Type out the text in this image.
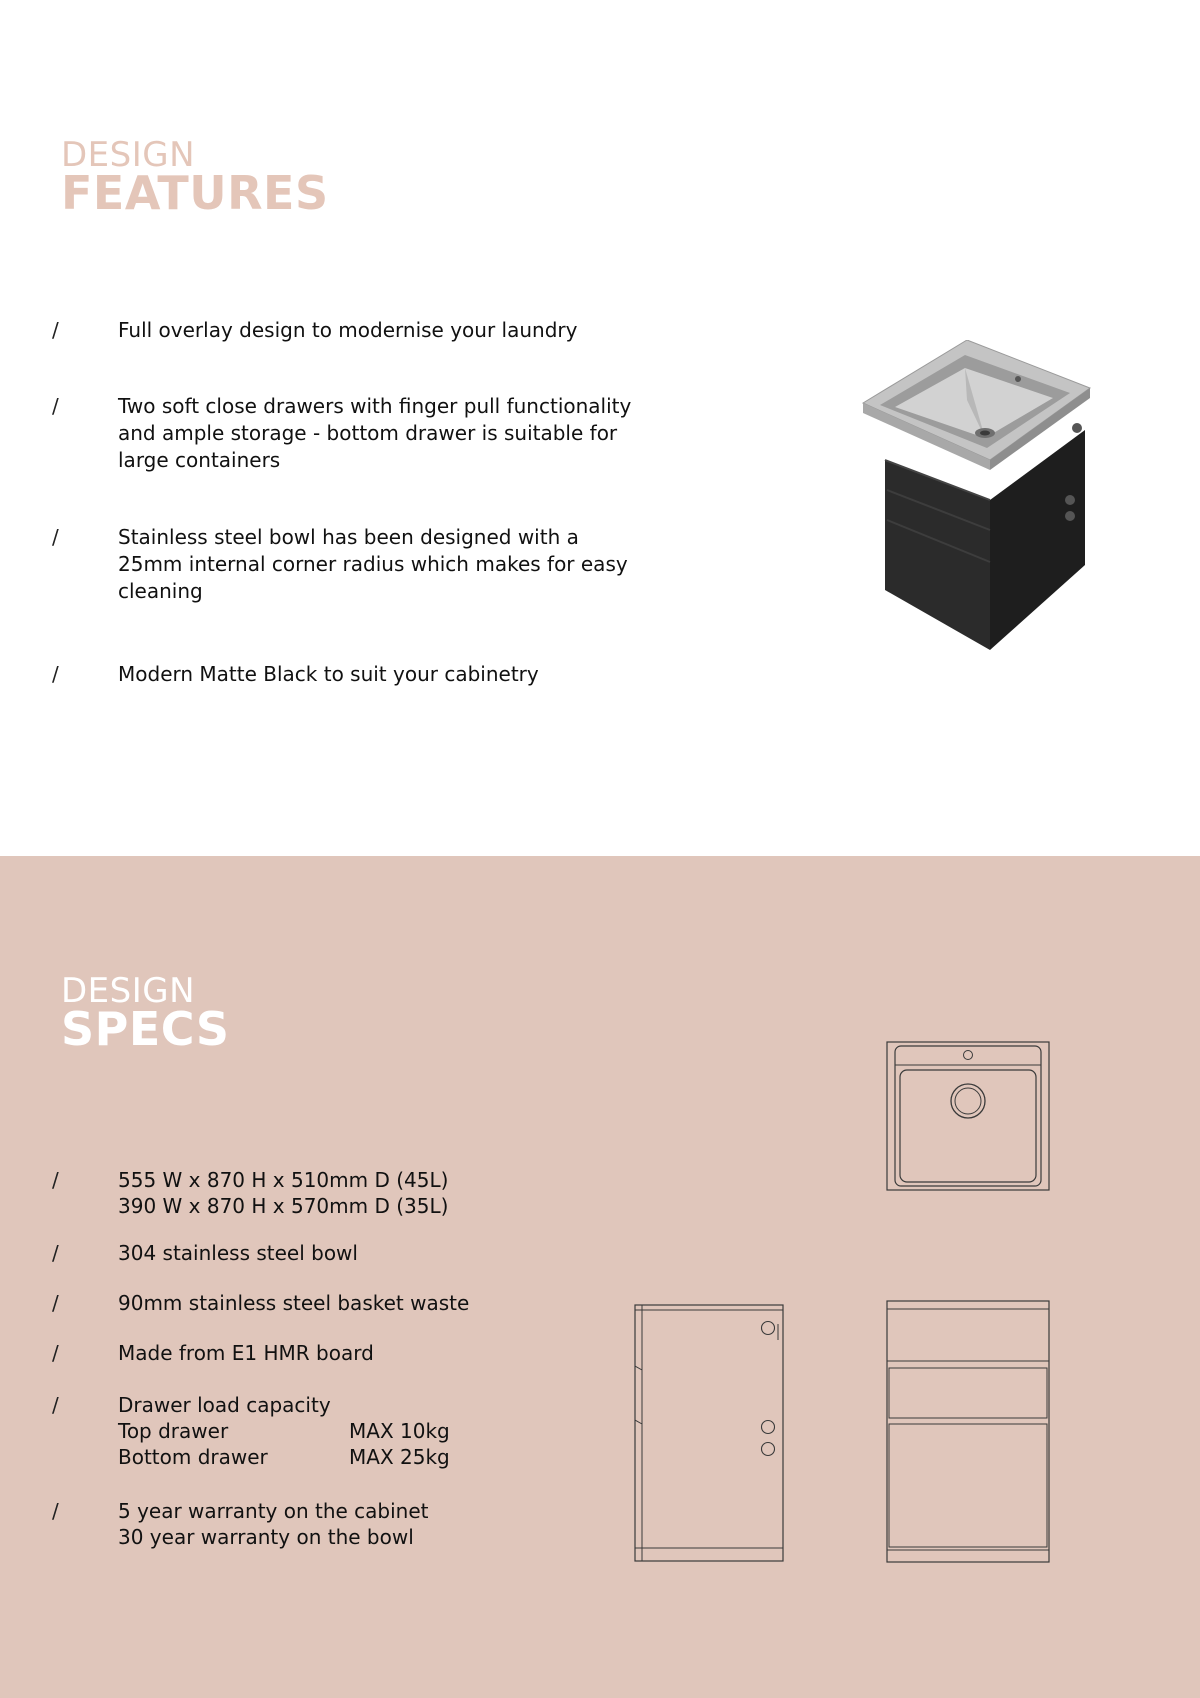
DESIGN
FEATURES
/	Full overlay design to modernise your laundry
/	Two soft close drawers with finger pull functionality
and ample storage - bottom drawer is suitable for
large containers
/	Stainless steel bowl has been designed with a
25mm internal corner radius which makes for easy
cleaning
/	Modern Matte Black to suit your cabinetry
DESIGN
SPECS
/	555 W x 870 H x 510mm D (45L)
390 W x 870 H x 570mm D (35L)
/	304 stainless steel bowl
/	90mm stainless steel basket waste
/	Made from E1 HMR board
/	Drawer load capacity
Top drawer	MAX 10kg
Bottom drawer	MAX 25kg
/	5 year warranty on the cabinet
30 year warranty on the bowl
